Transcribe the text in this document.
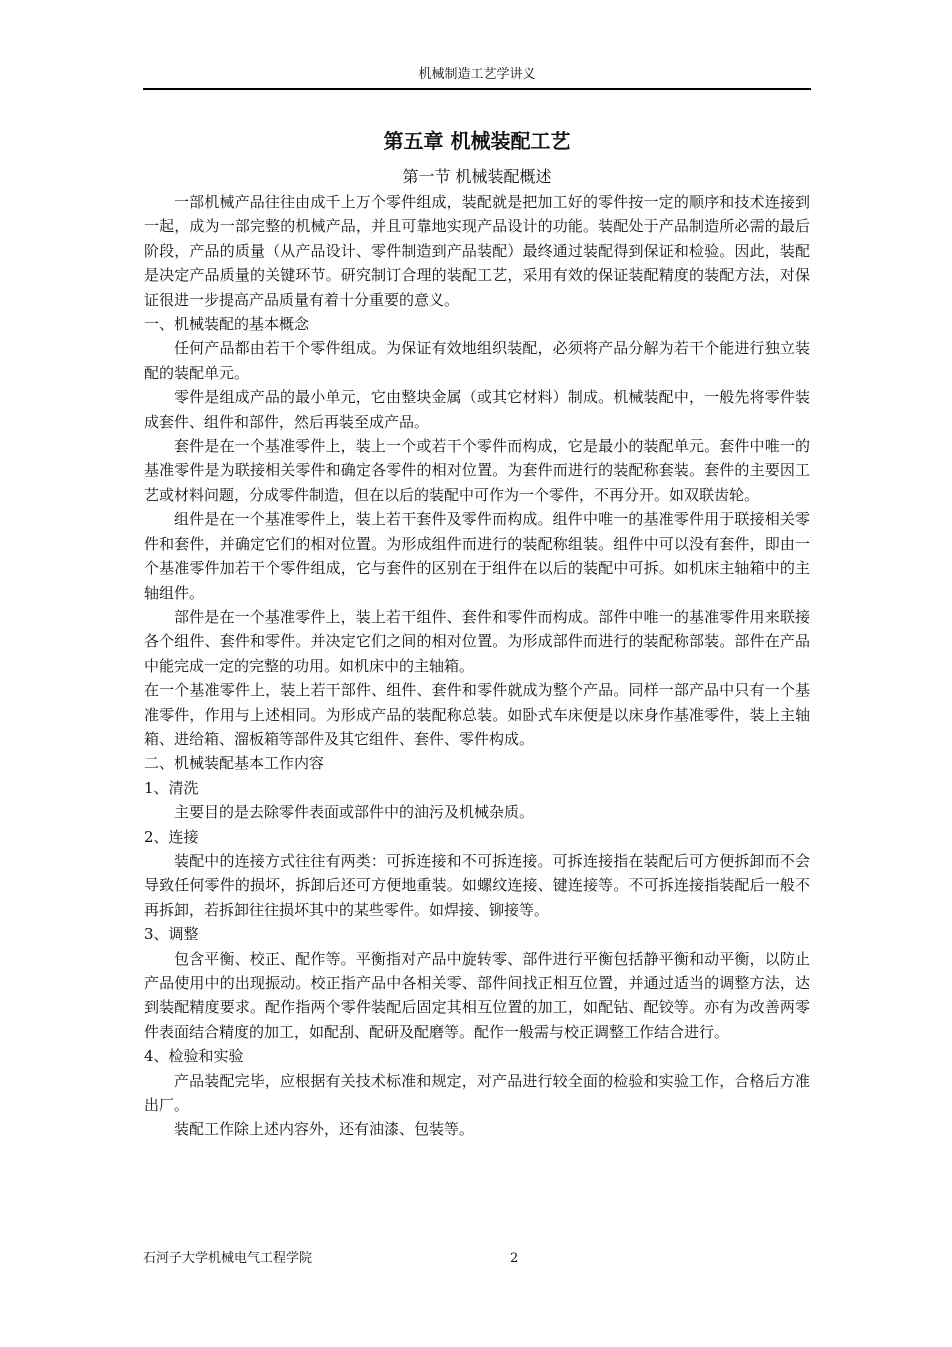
机械制造工艺学讲义
第五章 机械装配工艺
第一节 机械装配概述

一部机械产品往往由成千上万个零件组成，装配就是把加工好的零件按一定的顺序和技术连接到一起，成为一部完整的机械产品，并且可靠地实现产品设计的功能。装配处于产品制造所必需的最后阶段，产品的质量（从产品设计、零件制造到产品装配）最终通过装配得到保证和检验。因此，装配是决定产品质量的关键环节。研究制订合理的装配工艺，采用有效的保证装配精度的装配方法，对保证很进一步提高产品质量有着十分重要的意义。

一、机械装配的基本概念

任何产品都由若干个零件组成。为保证有效地组织装配，必须将产品分解为若干个能进行独立装配的装配单元。

零件是组成产品的最小单元，它由整块金属（或其它材料）制成。机械装配中，一般先将零件装成套件、组件和部件，然后再装至成产品。

套件是在一个基准零件上，装上一个或若干个零件而构成，它是最小的装配单元。套件中唯一的基准零件是为联接相关零件和确定各零件的相对位置。为套件而进行的装配称套装。套件的主要因工艺或材料问题，分成零件制造，但在以后的装配中可作为一个零件，不再分开。如双联齿轮。

组件是在一个基准零件上，装上若干套件及零件而构成。组件中唯一的基准零件用于联接相关零件和套件，并确定它们的相对位置。为形成组件而进行的装配称组装。组件中可以没有套件，即由一个基准零件加若干个零件组成，它与套件的区别在于组件在以后的装配中可拆。如机床主轴箱中的主轴组件。

部件是在一个基准零件上，装上若干组件、套件和零件而构成。部件中唯一的基准零件用来联接各个组件、套件和零件。并决定它们之间的相对位置。为形成部件而进行的装配称部装。部件在产品中能完成一定的完整的功用。如机床中的主轴箱。

在一个基准零件上，装上若干部件、组件、套件和零件就成为整个产品。同样一部产品中只有一个基准零件，作用与上述相同。为形成产品的装配称总装。如卧式车床便是以床身作基准零件，装上主轴箱、进给箱、溜板箱等部件及其它组件、套件、零件构成。

二、机械装配基本工作内容

1、清洗

主要目的是去除零件表面或部件中的油污及机械杂质。

2、连接

装配中的连接方式往往有两类：可拆连接和不可拆连接。可拆连接指在装配后可方便拆卸而不会导致任何零件的损坏，拆卸后还可方便地重装。如螺纹连接、键连接等。不可拆连接指装配后一般不再拆卸，若拆卸往往损坏其中的某些零件。如焊接、铆接等。

3、调整

包含平衡、校正、配作等。平衡指对产品中旋转零、部件进行平衡包括静平衡和动平衡，以防止产品使用中的出现振动。校正指产品中各相关零、部件间找正相互位置，并通过适当的调整方法，达到装配精度要求。配作指两个零件装配后固定其相互位置的加工，如配钻、配铰等。亦有为改善两零件表面结合精度的加工，如配刮、配研及配磨等。配作一般需与校正调整工作结合进行。

4、检验和实验

产品装配完毕，应根据有关技术标准和规定，对产品进行较全面的检验和实验工作，合格后方准出厂。

装配工作除上述内容外，还有油漆、包装等。

石河子大学机械电气工程学院	2
